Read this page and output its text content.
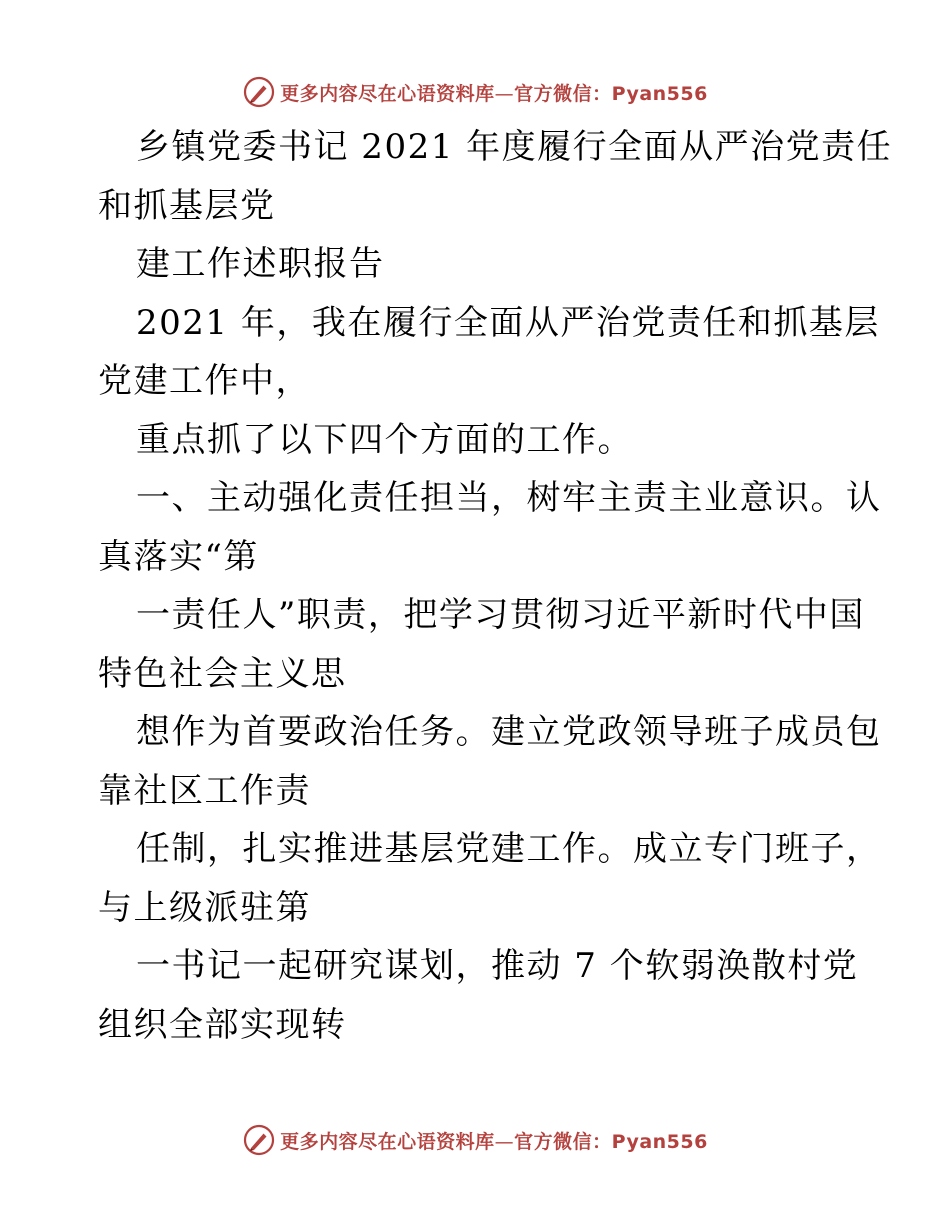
更多内容尽在心语资料库—官方微信：Pyan556
乡镇党委书记 2021 年度履行全面从严治党责任
和抓基层党
建工作述职报告
2021 年，我在履行全面从严治党责任和抓基层
党建工作中，
重点抓了以下四个方面的工作。
一、主动强化责任担当，树牢主责主业意识。认
真落实“第
一责任人”职责，把学习贯彻习近平新时代中国
特色社会主义思
想作为首要政治任务。建立党政领导班子成员包
靠社区工作责
任制，扎实推进基层党建工作。成立专门班子，
与上级派驻第
一书记一起研究谋划，推动 7 个软弱涣散村党
组织全部实现转
更多内容尽在心语资料库—官方微信：Pyan556
